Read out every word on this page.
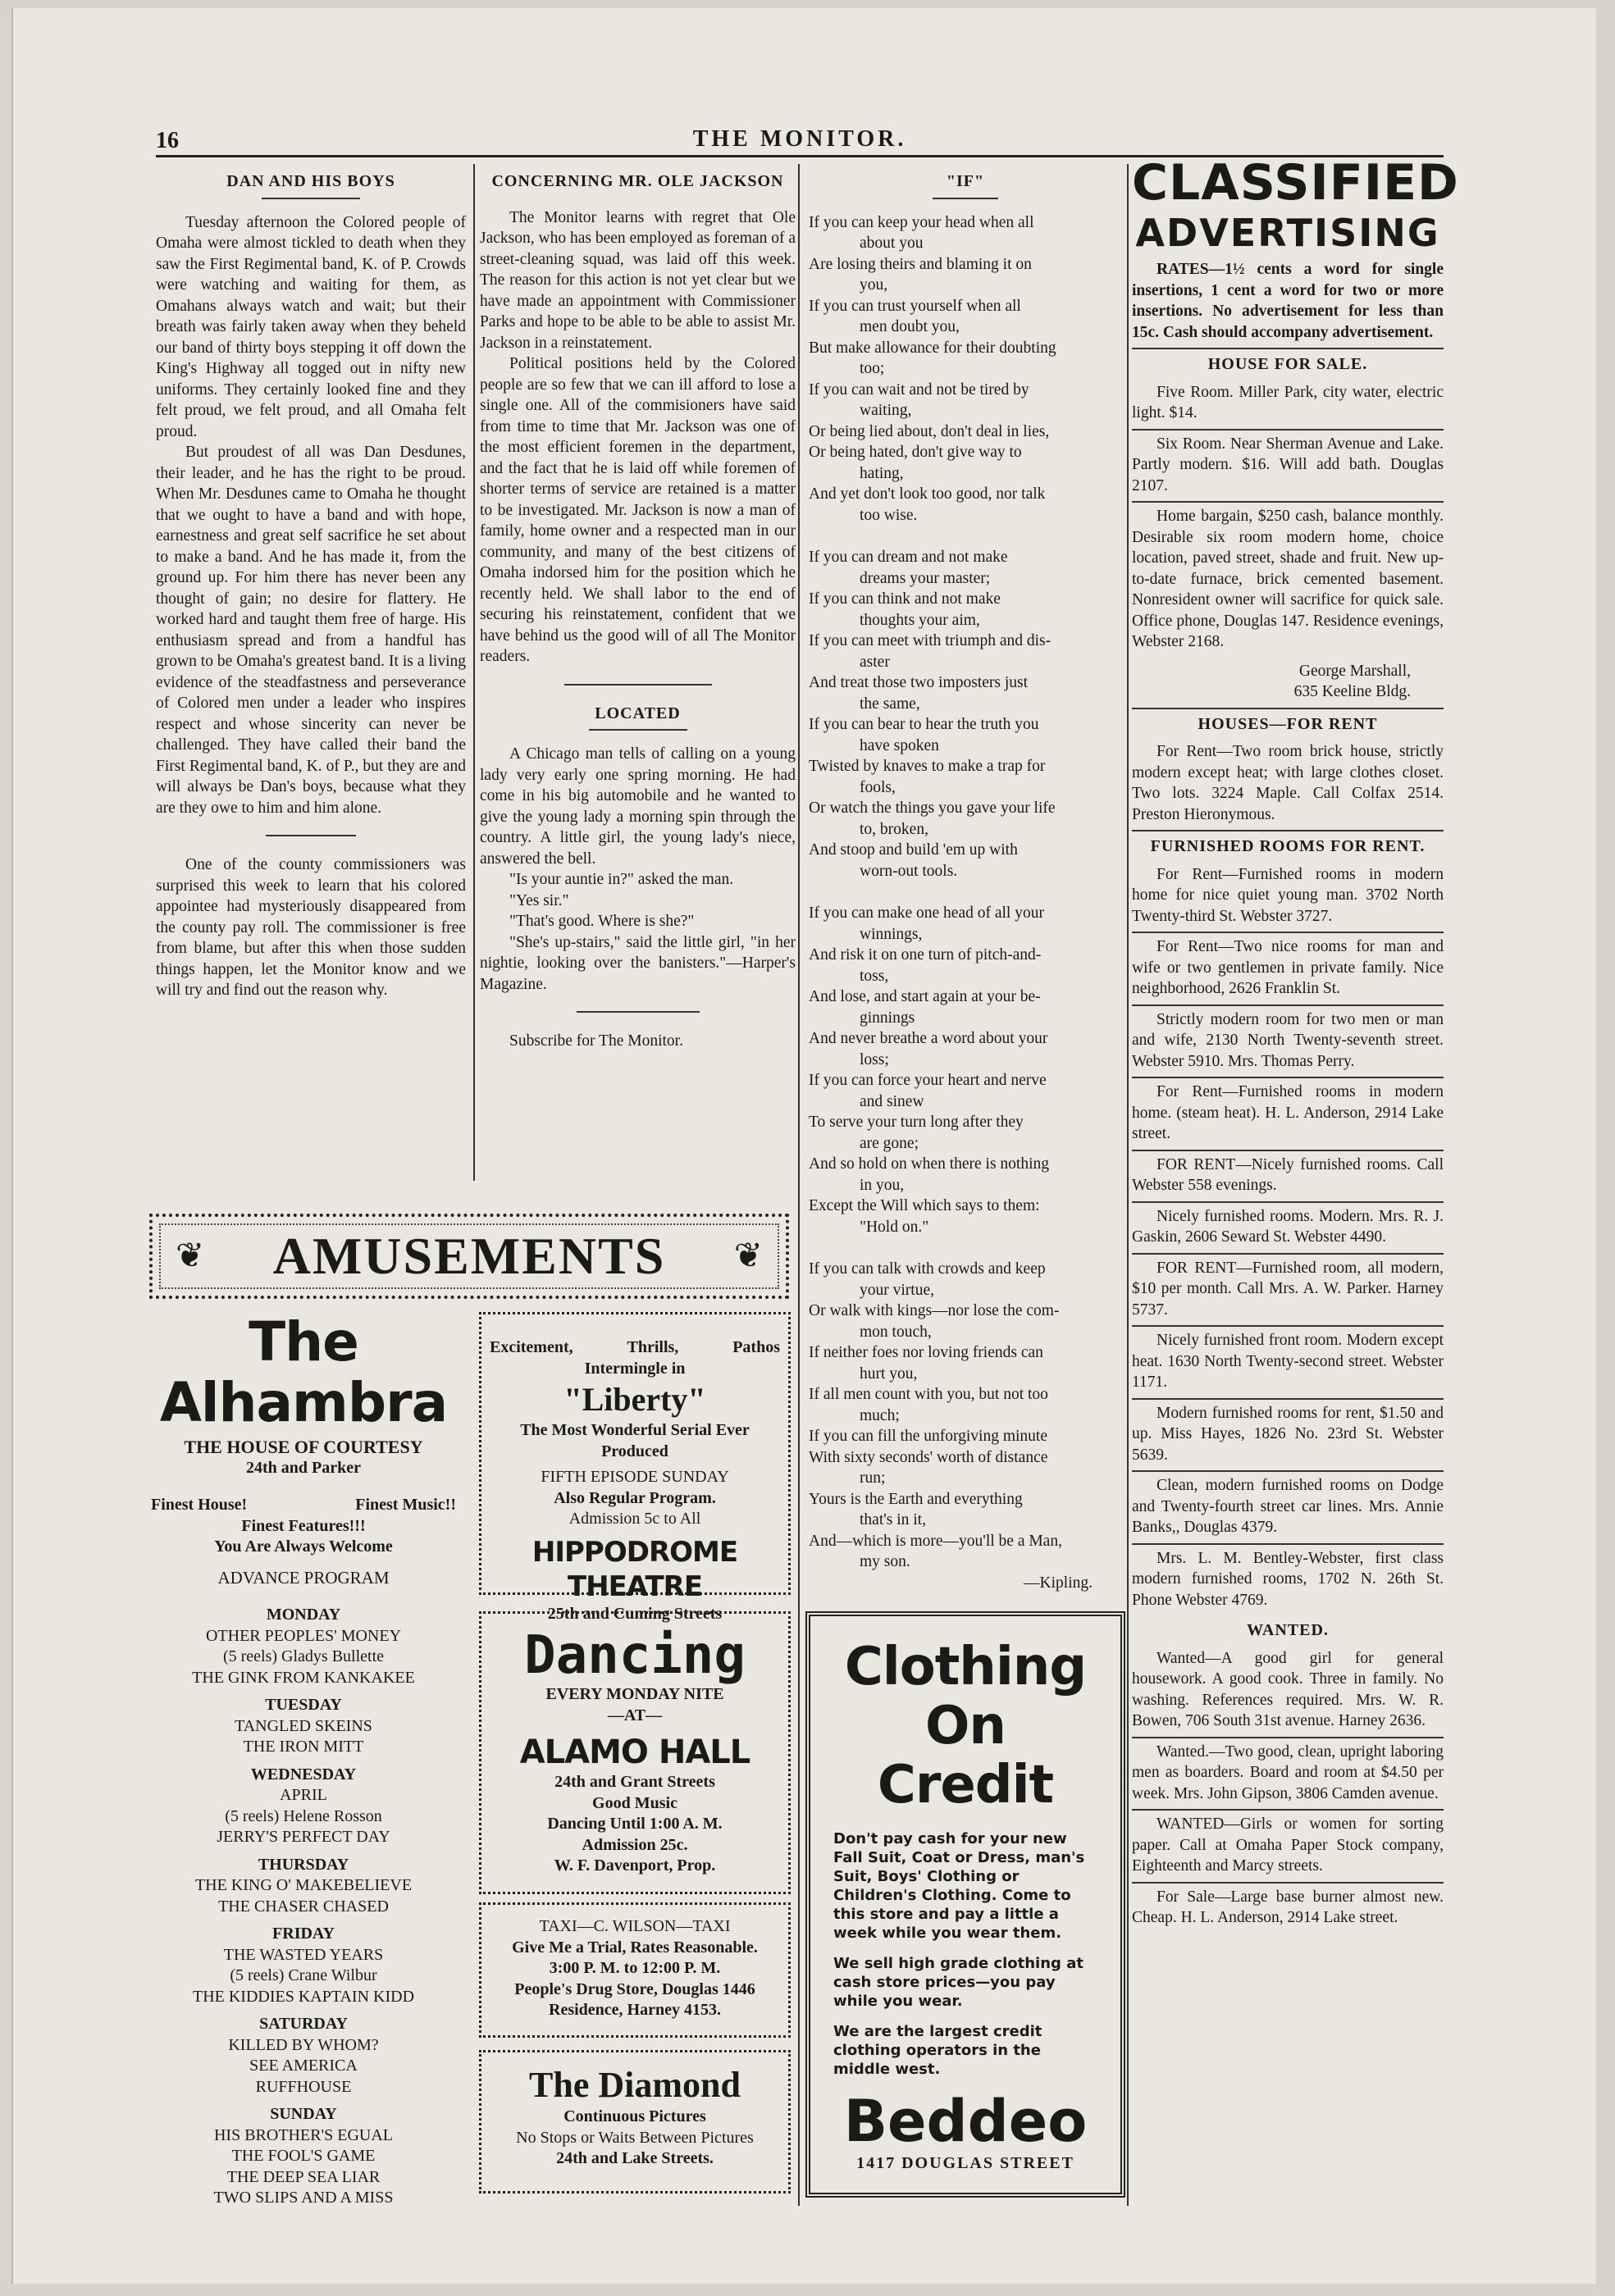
16	THE MONITOR.
DAN AND HIS BOYS

Tuesday afternoon the Colored people of Omaha were almost tickled to death when they saw the First Regimental band, K. of P. Crowds were watching and waiting for them, as Omahans always watch and wait; but their breath was fairly taken away when they beheld our band of thirty boys stepping it off down the King's Highway all togged out in nifty new uniforms. They certainly looked fine and they felt proud, we felt proud, and all Omaha felt proud.

But proudest of all was Dan Desdunes, their leader, and he has the right to be proud. When Mr. Desdunes came to Omaha he thought that we ought to have a band and with hope, earnestness and great self sacrifice he set about to make a band. And he has made it, from the ground up. For him there has never been any thought of gain; no desire for flattery. He worked hard and taught them free of harge. His enthusiasm spread and from a handful has grown to be Omaha's greatest band. It is a living evidence of the steadfastness and perseverance of Colored men under a leader who inspires respect and whose sincerity can never be challenged. They have called their band the First Regimental band, K. of P., but they are and will always be Dan's boys, because what they are they owe to him and him alone.

One of the county commissioners was surprised this week to learn that his colored appointee had mysteriously disappeared from the county pay roll. The commissioner is free from blame, but after this when those sudden things happen, let the Monitor know and we will try and find out the reason why.

CONCERNING MR. OLE JACKSON

The Monitor learns with regret that Ole Jackson, who has been employed as foreman of a street-cleaning squad, was laid off this week. The reason for this action is not yet clear but we have made an appointment with Commissioner Parks and hope to be able to be able to assist Mr. Jackson in a reinstatement.

Political positions held by the Colored people are so few that we can ill afford to lose a single one. All of the commisioners have said from time to time that Mr. Jackson was one of the most efficient foremen in the department, and the fact that he is laid off while foremen of shorter terms of service are retained is a matter to be investigated. Mr. Jackson is now a man of family, home owner and a respected man in our community, and many of the best citizens of Omaha indorsed him for the position which he recently held. We shall labor to the end of securing his reinstatement, confident that we have behind us the good will of all The Monitor readers.

LOCATED

A Chicago man tells of calling on a young lady very early one spring morning. He had come in his big automobile and he wanted to give the young lady a morning spin through the country. A little girl, the young lady's niece, answered the bell.

"Is your auntie in?" asked the man.

"Yes sir."

"That's good. Where is she?"

"She's up-stairs," said the little girl, "in her nightie, looking over the banisters."—Harper's Magazine.

Subscribe for The Monitor.

"IF"
If you can keep your head when all
about you
Are losing theirs and blaming it on
you,
If you can trust yourself when all
men doubt you,
But make allowance for their doubting
too;
If you can wait and not be tired by
waiting,
Or being lied about, don't deal in lies,
Or being hated, don't give way to
hating,
And yet don't look too good, nor talk
too wise.
If you can dream and not make
dreams your master;
If you can think and not make
thoughts your aim,
If you can meet with triumph and dis-
aster
And treat those two imposters just
the same,
If you can bear to hear the truth you
have spoken
Twisted by knaves to make a trap for
fools,
Or watch the things you gave your life
to, broken,
And stoop and build 'em up with
worn-out tools.
If you can make one head of all your
winnings,
And risk it on one turn of pitch-and-
toss,
And lose, and start again at your be-
ginnings
And never breathe a word about your
loss;
If you can force your heart and nerve
and sinew
To serve your turn long after they
are gone;
And so hold on when there is nothing
in you,
Except the Will which says to them:
"Hold on."
If you can talk with crowds and keep
your virtue,
Or walk with kings—nor lose the com-
mon touch,
If neither foes nor loving friends can
hurt you,
If all men count with you, but not too
much;
If you can fill the unforgiving minute
With sixty seconds' worth of distance
run;
Yours is the Earth and everything
that's in it,
And—which is more—you'll be a Man,
my son.
—Kipling.
❦ AMUSEMENTS ❦
The Alhambra
THE HOUSE OF COURTESY
24th and Parker
Finest House!	Finest Music!!
Finest Features!!!
You Are Always Welcome
ADVANCE PROGRAM
MONDAY
OTHER PEOPLES' MONEY
(5 reels) Gladys Bullette
THE GINK FROM KANKAKEE
TUESDAY
TANGLED SKEINS
THE IRON MITT
WEDNESDAY
APRIL
(5 reels) Helene Rosson
JERRY'S PERFECT DAY
THURSDAY
THE KING O' MAKEBELIEVE
THE CHASER CHASED
FRIDAY
THE WASTED YEARS
(5 reels) Crane Wilbur
THE KIDDIES KAPTAIN KIDD
SATURDAY
KILLED BY WHOM?
SEE AMERICA
RUFFHOUSE
SUNDAY
HIS BROTHER'S EGUAL
THE FOOL'S GAME
THE DEEP SEA LIAR
TWO SLIPS AND A MISS
Excitement,	Thrills,	Pathos
Intermingle in
"Liberty"
The Most Wonderful Serial Ever Produced
FIFTH EPISODE SUNDAY
Also Regular Program.
Admission 5c to All
HIPPODROME THEATRE
25th and Cuming Streets
Dancing
EVERY MONDAY NITE
—AT—
ALAMO HALL
24th and Grant Streets
Good Music
Dancing Until 1:00 A. M.
Admission 25c.
W. F. Davenport, Prop.
TAXI—C. WILSON—TAXI
Give Me a Trial, Rates Reasonable.
3:00 P. M. to 12:00 P. M.
People's Drug Store, Douglas 1446
Residence, Harney 4153.
The Diamond
Continuous Pictures
No Stops or Waits Between Pictures
24th and Lake Streets.
Clothing
On
Credit

Don't pay cash for your new Fall Suit, Coat or Dress, man's Suit, Boys' Clothing or Children's Clothing. Come to this store and pay a little a week while you wear them.

We sell high grade clothing at cash store prices—you pay while you wear.

We are the largest credit clothing operators in the middle west.

Beddeo
1417 DOUGLAS STREET
CLASSIFIED
ADVERTISING

RATES—1½ cents a word for single insertions, 1 cent a word for two or more insertions. No advertisement for less than 15c. Cash should accompany advertisement.

HOUSE FOR SALE.

Five Room. Miller Park, city water, electric light. $14.

Six Room. Near Sherman Avenue and Lake. Partly modern. $16. Will add bath. Douglas 2107.

Home bargain, $250 cash, balance monthly. Desirable six room modern home, choice location, paved street, shade and fruit. New up-to-date furnace, brick cemented basement. Nonresident owner will sacrifice for quick sale. Office phone, Douglas 147. Residence evenings, Webster 2168.

George Marshall,
635 Keeline Bldg.
HOUSES—FOR RENT

For Rent—Two room brick house, strictly modern except heat; with large clothes closet. Two lots. 3224 Maple. Call Colfax 2514. Preston Hieronymous.

FURNISHED ROOMS FOR RENT.

For Rent—Furnished rooms in modern home for nice quiet young man. 3702 North Twenty-third St. Webster 3727.

For Rent—Two nice rooms for man and wife or two gentlemen in private family. Nice neighborhood, 2626 Franklin St.

Strictly modern room for two men or man and wife, 2130 North Twenty-seventh street. Webster 5910. Mrs. Thomas Perry.

For Rent—Furnished rooms in modern home. (steam heat). H. L. Anderson, 2914 Lake street.

FOR RENT—Nicely furnished rooms. Call Webster 558 evenings.

Nicely furnished rooms. Modern. Mrs. R. J. Gaskin, 2606 Seward St. Webster 4490.

FOR RENT—Furnished room, all modern, $10 per month. Call Mrs. A. W. Parker. Harney 5737.

Nicely furnished front room. Modern except heat. 1630 North Twenty-second street. Webster 1171.

Modern furnished rooms for rent, $1.50 and up. Miss Hayes, 1826 No. 23rd St. Webster 5639.

Clean, modern furnished rooms on Dodge and Twenty-fourth street car lines. Mrs. Annie Banks,, Douglas 4379.

Mrs. L. M. Bentley-Webster, first class modern furnished rooms, 1702 N. 26th St. Phone Webster 4769.

WANTED.

Wanted—A good girl for general housework. A good cook. Three in family. No washing. References required. Mrs. W. R. Bowen, 706 South 31st avenue. Harney 2636.

Wanted.—Two good, clean, upright laboring men as boarders. Board and room at $4.50 per week. Mrs. John Gipson, 3806 Camden avenue.

WANTED—Girls or women for sorting paper. Call at Omaha Paper Stock company, Eighteenth and Marcy streets.

For Sale—Large base burner almost new. Cheap. H. L. Anderson, 2914 Lake street.
